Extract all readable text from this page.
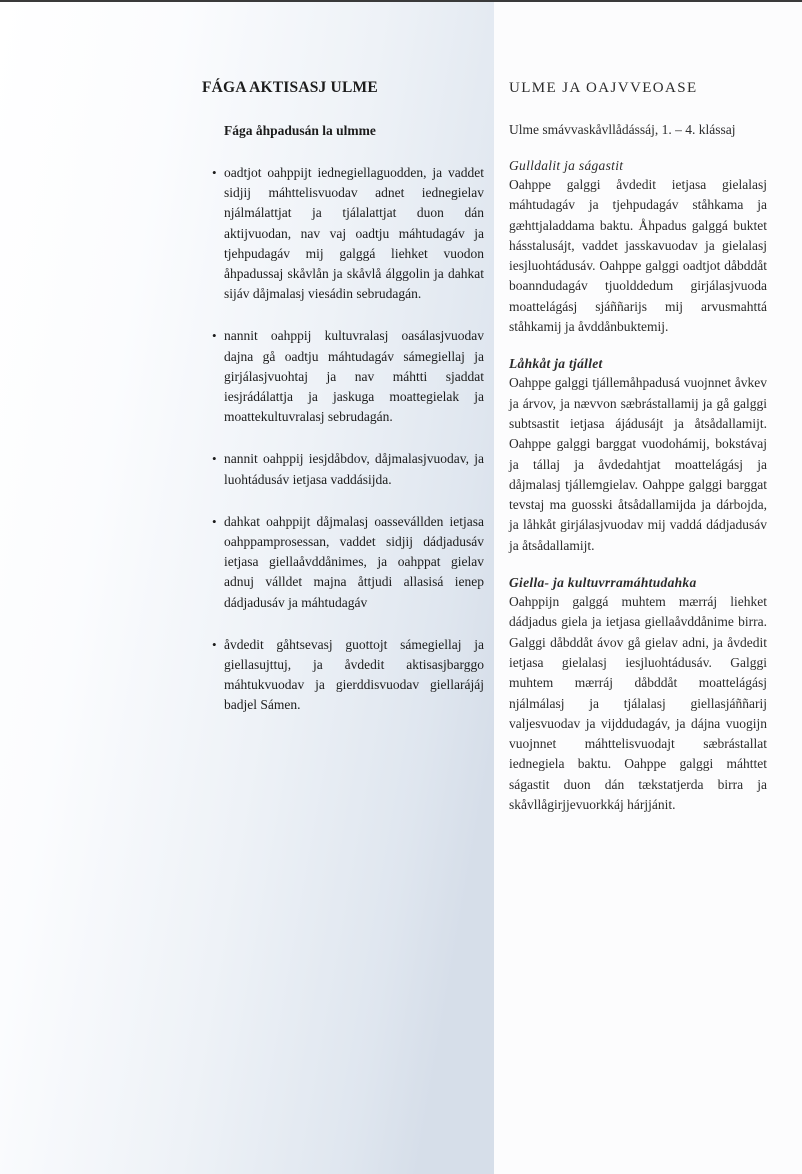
FÁGA AKTISASJ ULME
Fága åhpadusán la ulmme
• oadtjot oahppijt iednegiellaguodden, ja vaddet sidjij máhttelisvuodav adnet iednegielav njálmálattjat ja tjálalattjat duon dán aktijvuodan, nav vaj oadtju máhtudagáv ja tjehpudagáv mij galggá liehket vuodon åhpadussaj skåvlån ja skåvlå álggolin ja dahkat sijáv dåjmalasj viesádin sebrudagán.
• nannit oahppij kultuvralasj oasálasjvuodav dajna gå oadtju máhtudagáv sámegiellaj ja girjálasjvuohtaj ja nav máhtti sjaddat iesjrádálattja ja jaskuga moattegielak ja moattekultuvralasj sebrudagán.
• nannit oahppij iesjdåbdov, dåjmalasjvuodav, ja luohtádusáv ietjasa vaddásijda.
• dahkat oahppijt dåjmalasj oassevállden ietjasa oahppamprosessan, vaddet sidjij dádjadusáv ietjasa giellaåvddånimes, ja oahppat gielav adnuj válldet majna åttjudi allasisá ienep dádjadusáv ja máhtudagáv
• åvdedit gåhtsevasj guottojt sámegiellaj ja giellasujttuj, ja åvdedit aktisasjbarggo máhtukvuodav ja gierddisvuodav giellarájáj badjel Sámen.
ULME JA OAJVVEOASE
Ulme smávvaskåvllådássáj, 1. – 4. klássaj
Gulldalit ja ságastit

Oahppe galggi åvdedit ietjasa gielalasj máhtudagáv ja tjehpudagáv ståhkama ja gæhttjaladdama baktu. Åhpadus galggá buktet hásstalusájt, vaddet jasskavuodav ja gielalasj iesjluohtádusáv. Oahppe galggi oadtjot dåbddåt boanndudagáv tjuolddedum girjálasjvuoda moattelágásj sjáññarijs mij arvusmahttá ståhkamij ja åvddånbuktemij.

Låhkåt ja tjállet

Oahppe galggi tjállemåhpadusá vuojnnet åvkev ja árvov, ja nævvon sæbrástallamij ja gå galggi subtsastit ietjasa ájádusájt ja åtsådallamijt. Oahppe galggi barggat vuodohámij, bokstávaj ja tállaj ja åvdedahtjat moattelágásj ja dåjmalasj tjállemgielav. Oahppe galggi barggat tevstaj ma guosski åtsådallamijda ja dárbojda, ja låhkåt girjálasjvuodav mij vaddá dádjadusáv ja åtsådallamijt.

Giella- ja kultuvrramáhtudahka

Oahppijn galggá muhtem mærráj liehket dádjadus giela ja ietjasa giellaåvddånime birra. Galggi dåbddåt ávov gå gielav adni, ja åvdedit ietjasa gielalasj iesjluohtádusáv. Galggi muhtem mærráj dåbddåt moattelágásj njálmálasj ja tjálalasj giellasjáññarij valjesvuodav ja vijddudagáv, ja dájna vuogijn vuojnnet máhttelisvuodajt sæbrástallat iednegiela baktu. Oahppe galggi máhttet ságastit duon dán tækstatjerda birra ja skåvllågirjjevuorkkáj hárjjánit.
